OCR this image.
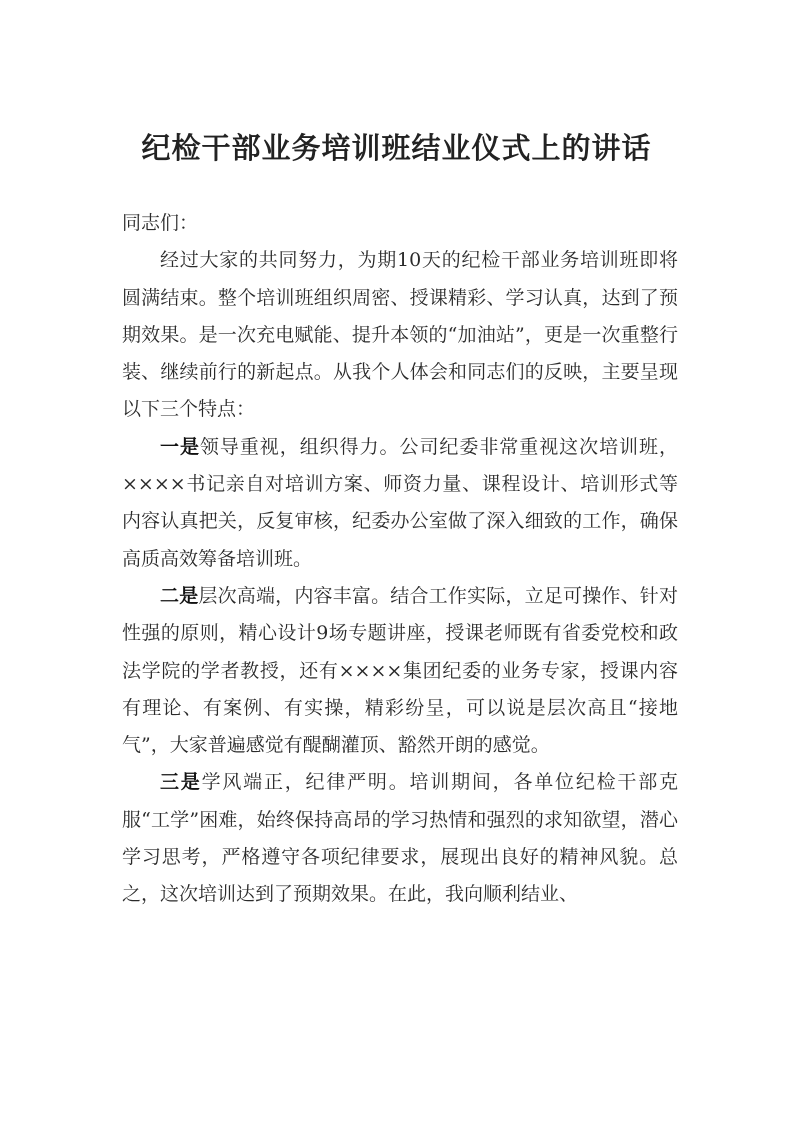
纪检干部业务培训班结业仪式上的讲话

同志们：

经过大家的共同努力，为期10天的纪检干部业务培训班即将圆满结束。整个培训班组织周密、授课精彩、学习认真，达到了预期效果。是一次充电赋能、提升本领的“加油站”，更是一次重整行装、继续前行的新起点。从我个人体会和同志们的反映，主要呈现以下三个特点：

一是领导重视，组织得力。公司纪委非常重视这次培训班，××××书记亲自对培训方案、师资力量、课程设计、培训形式等内容认真把关，反复审核，纪委办公室做了深入细致的工作，确保高质高效筹备培训班。

二是层次高端，内容丰富。结合工作实际，立足可操作、针对性强的原则，精心设计9场专题讲座，授课老师既有省委党校和政法学院的学者教授，还有××××集团纪委的业务专家，授课内容有理论、有案例、有实操，精彩纷呈，可以说是层次高且“接地气”，大家普遍感觉有醍醐灌顶、豁然开朗的感觉。

三是学风端正，纪律严明。培训期间，各单位纪检干部克服“工学”困难，始终保持高昂的学习热情和强烈的求知欲望，潜心学习思考，严格遵守各项纪律要求，展现出良好的精神风貌。总之，这次培训达到了预期效果。在此，我向顺利结业、
